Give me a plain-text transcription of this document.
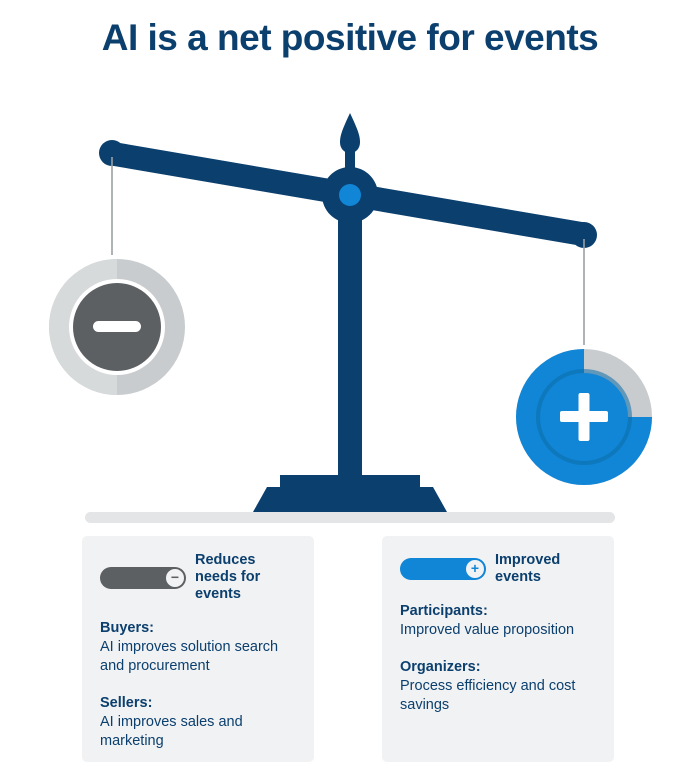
AI is a net positive for events
−
Reduces needs for events
Buyers:
AI improves solution search and procurement
Sellers:
AI improves sales and marketing
+
Improved events
Participants:
Improved value proposition
Organizers:
Process efficiency and cost savings
